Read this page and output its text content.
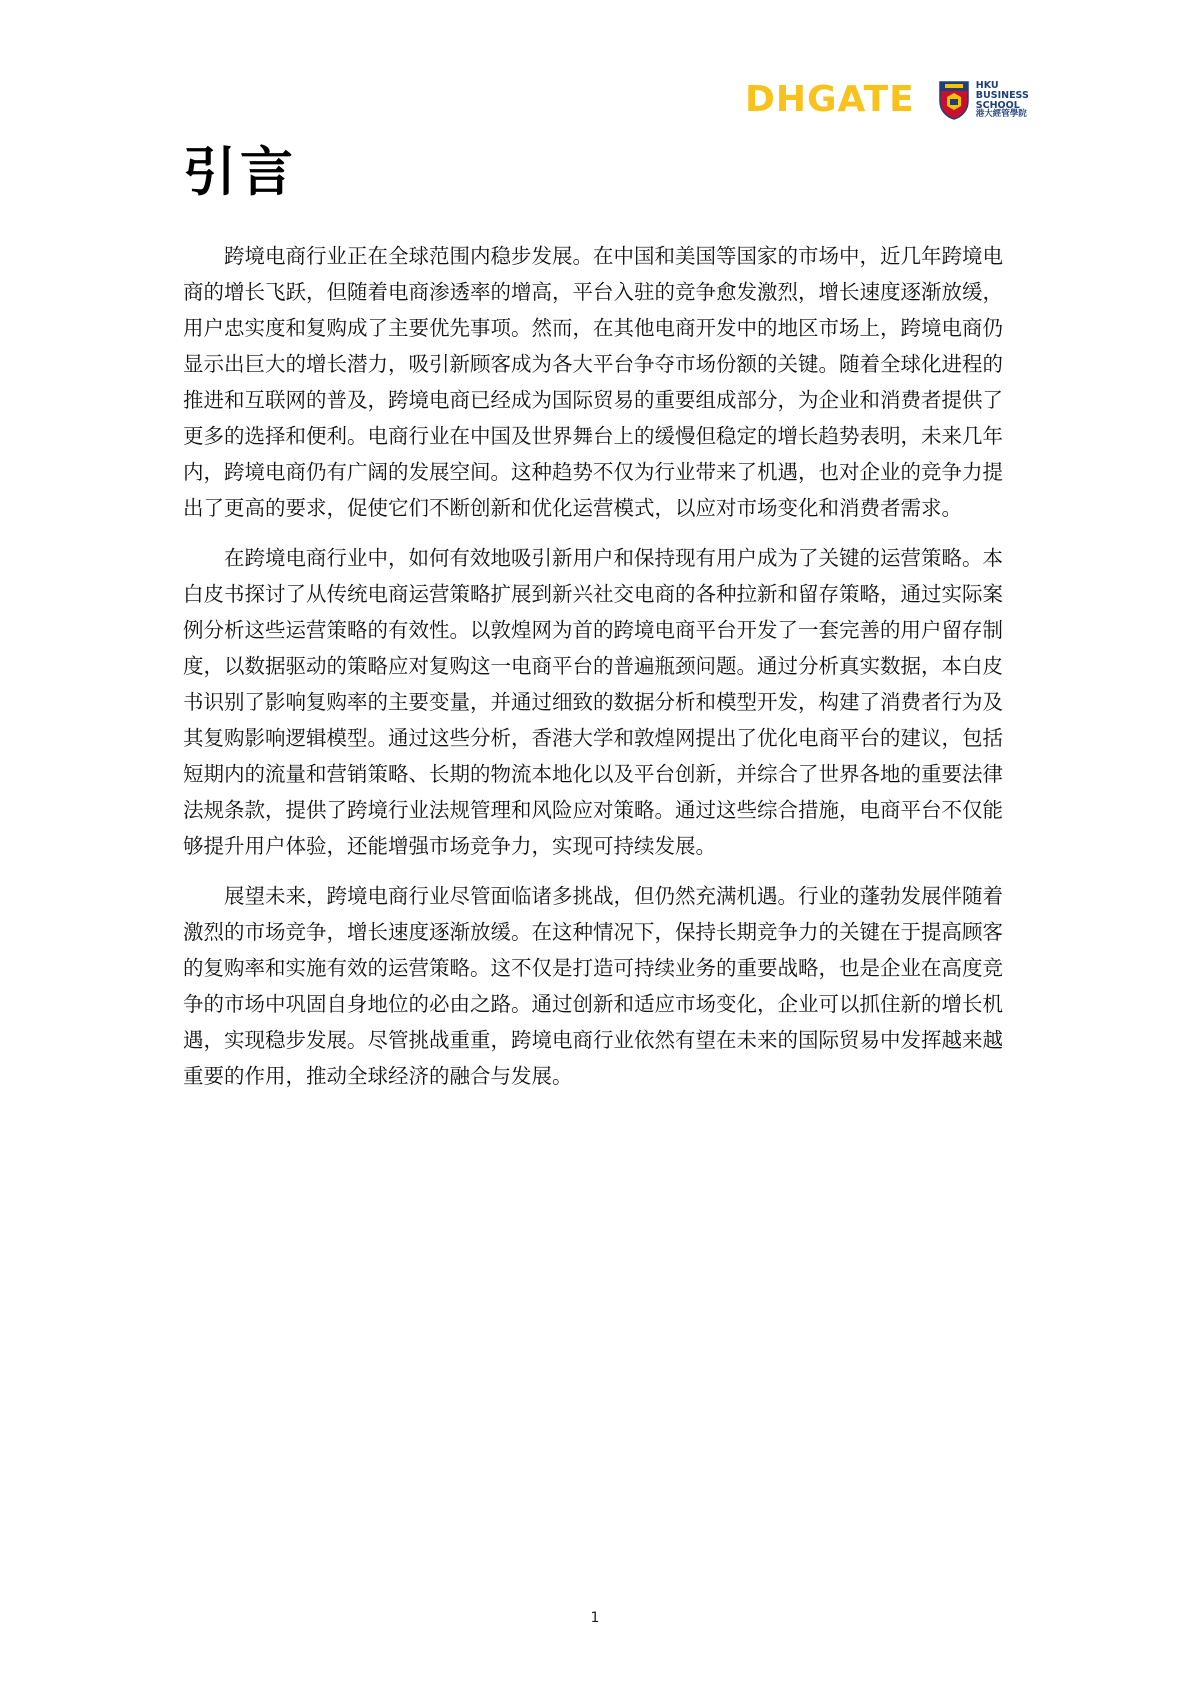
DHGATE	HKU
BUSINESS
SCHOOL
港大經管學院
引言

跨境电商行业正在全球范围内稳步发展。在中国和美国等国家的市场中，近几年跨境电商的增长飞跃，但随着电商渗透率的增高，平台入驻的竞争愈发激烈，增长速度逐渐放缓，用户忠实度和复购成了主要优先事项。然而，在其他电商开发中的地区市场上，跨境电商仍显示出巨大的增长潜力，吸引新顾客成为各大平台争夺市场份额的关键。随着全球化进程的推进和互联网的普及，跨境电商已经成为国际贸易的重要组成部分，为企业和消费者提供了更多的选择和便利。电商行业在中国及世界舞台上的缓慢但稳定的增长趋势表明，未来几年内，跨境电商仍有广阔的发展空间。这种趋势不仅为行业带来了机遇，也对企业的竞争力提出了更高的要求，促使它们不断创新和优化运营模式，以应对市场变化和消费者需求。

在跨境电商行业中，如何有效地吸引新用户和保持现有用户成为了关键的运营策略。本白皮书探讨了从传统电商运营策略扩展到新兴社交电商的各种拉新和留存策略，通过实际案例分析这些运营策略的有效性。以敦煌网为首的跨境电商平台开发了一套完善的用户留存制度，以数据驱动的策略应对复购这一电商平台的普遍瓶颈问题。通过分析真实数据，本白皮书识别了影响复购率的主要变量，并通过细致的数据分析和模型开发，构建了消费者行为及其复购影响逻辑模型。通过这些分析，香港大学和敦煌网提出了优化电商平台的建议，包括短期内的流量和营销策略、长期的物流本地化以及平台创新，并综合了世界各地的重要法律法规条款，提供了跨境行业法规管理和风险应对策略。通过这些综合措施，电商平台不仅能够提升用户体验，还能增强市场竞争力，实现可持续发展。

展望未来，跨境电商行业尽管面临诸多挑战，但仍然充满机遇。行业的蓬勃发展伴随着激烈的市场竞争，增长速度逐渐放缓。在这种情况下，保持长期竞争力的关键在于提高顾客的复购率和实施有效的运营策略。这不仅是打造可持续业务的重要战略，也是企业在高度竞争的市场中巩固自身地位的必由之路。通过创新和适应市场变化，企业可以抓住新的增长机遇，实现稳步发展。尽管挑战重重，跨境电商行业依然有望在未来的国际贸易中发挥越来越重要的作用，推动全球经济的融合与发展。

1
